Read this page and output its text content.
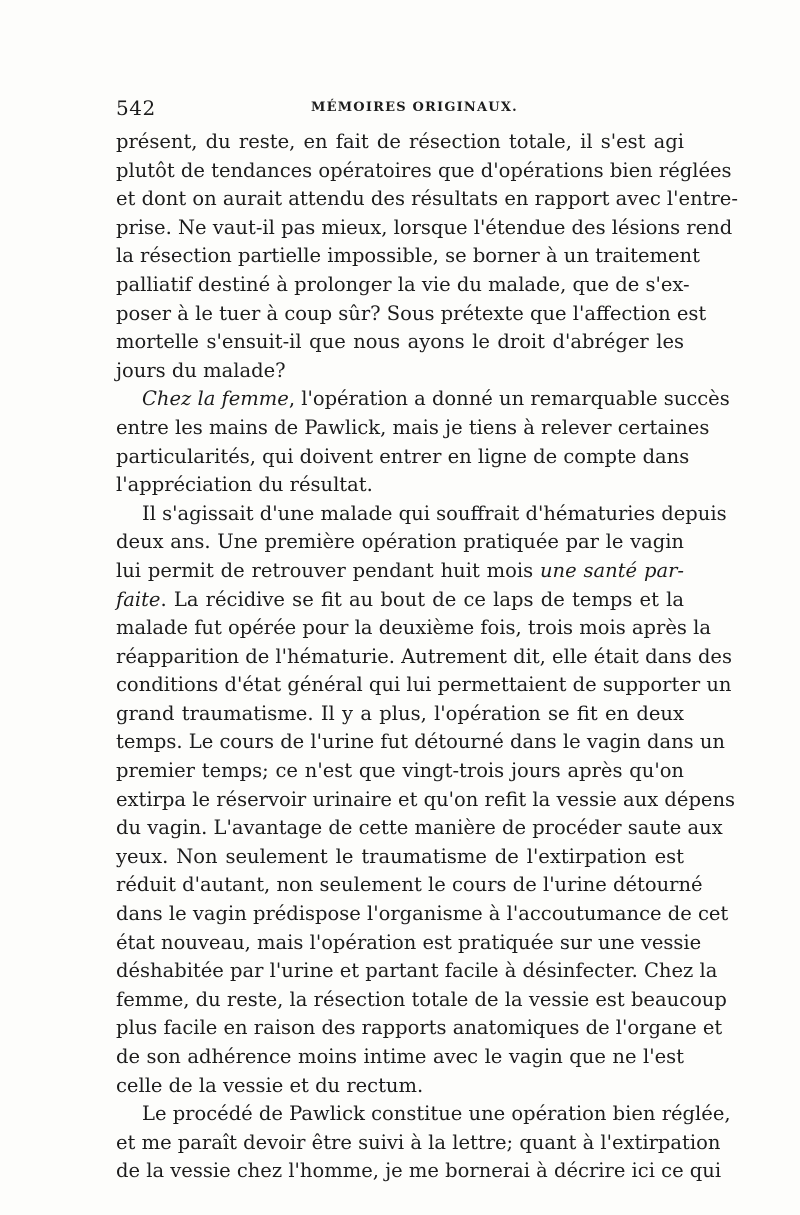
542	MÉMOIRES ORIGINAUX.
présent, du reste, en fait de résection totale, il s'est agi
plutôt de tendances opératoires que d'opérations bien réglées
et dont on aurait attendu des résultats en rapport avec l'entre-
prise. Ne vaut-il pas mieux, lorsque l'étendue des lésions rend
la résection partielle impossible, se borner à un traitement
palliatif destiné à prolonger la vie du malade, que de s'ex-
poser à le tuer à coup sûr? Sous prétexte que l'affection est
mortelle s'ensuit-il que nous ayons le droit d'abréger les
jours du malade?
Chez la femme, l'opération a donné un remarquable succès
entre les mains de Pawlick, mais je tiens à relever certaines
particularités, qui doivent entrer en ligne de compte dans
l'appréciation du résultat.
Il s'agissait d'une malade qui souffrait d'hématuries depuis
deux ans. Une première opération pratiquée par le vagin
lui permit de retrouver pendant huit mois une santé par-
faite. La récidive se fit au bout de ce laps de temps et la
malade fut opérée pour la deuxième fois, trois mois après la
réapparition de l'hématurie. Autrement dit, elle était dans des
conditions d'état général qui lui permettaient de supporter un
grand traumatisme. Il y a plus, l'opération se fit en deux
temps. Le cours de l'urine fut détourné dans le vagin dans un
premier temps; ce n'est que vingt-trois jours après qu'on
extirpa le réservoir urinaire et qu'on refit la vessie aux dépens
du vagin. L'avantage de cette manière de procéder saute aux
yeux. Non seulement le traumatisme de l'extirpation est
réduit d'autant, non seulement le cours de l'urine détourné
dans le vagin prédispose l'organisme à l'accoutumance de cet
état nouveau, mais l'opération est pratiquée sur une vessie
déshabitée par l'urine et partant facile à désinfecter. Chez la
femme, du reste, la résection totale de la vessie est beaucoup
plus facile en raison des rapports anatomiques de l'organe et
de son adhérence moins intime avec le vagin que ne l'est
celle de la vessie et du rectum.
Le procédé de Pawlick constitue une opération bien réglée,
et me paraît devoir être suivi à la lettre; quant à l'extirpation
de la vessie chez l'homme, je me bornerai à décrire ici ce qui
